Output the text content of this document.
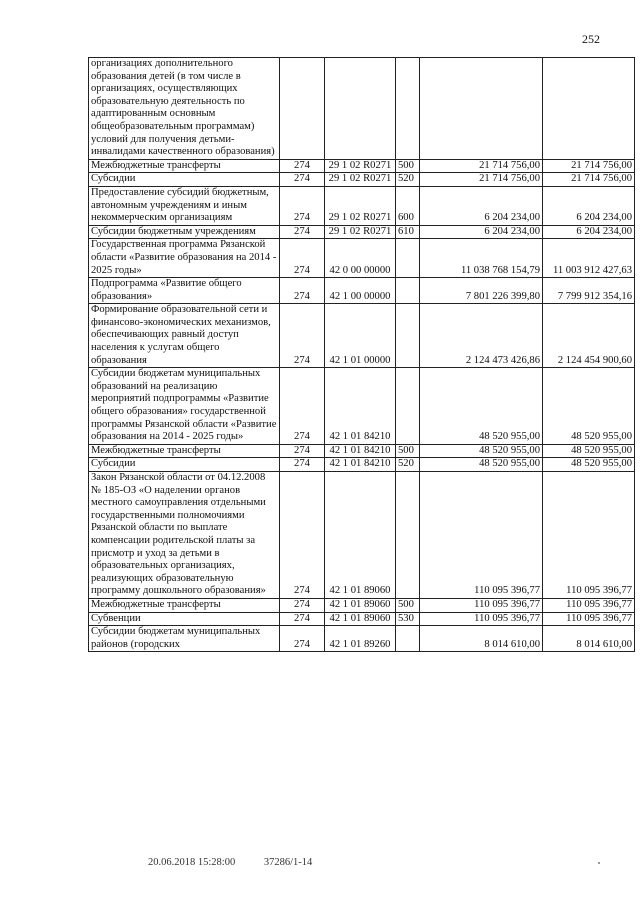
252
организациях дополнительного образования детей (в том числе в организациях, осуществляющих образовательную деятельность по адаптированным основным общеобразовательным программам) условий для получения детьми-инвалидами качественного образования)					
Межбюджетные трансферты	274	29 1 02 R0271	500	21 714 756,00	21 714 756,00
Субсидии	274	29 1 02 R0271	520	21 714 756,00	21 714 756,00
Предоставление субсидий бюджетным, автономным учреждениям и иным некоммерческим организациям	274	29 1 02 R0271	600	6 204 234,00	6 204 234,00
Субсидии бюджетным учреждениям	274	29 1 02 R0271	610	6 204 234,00	6 204 234,00
Государственная программа Рязанской области «Развитие образования на 2014 - 2025 годы»	274	42 0 00 00000		11 038 768 154,79	11 003 912 427,63
Подпрограмма «Развитие общего образования»	274	42 1 00 00000		7 801 226 399,80	7 799 912 354,16
Формирование образовательной сети и финансово-экономических механизмов, обеспечивающих равный доступ населения к услугам общего образования	274	42 1 01 00000		2 124 473 426,86	2 124 454 900,60
Субсидии бюджетам муниципальных образований на реализацию мероприятий подпрограммы «Развитие общего образования» государственной программы Рязанской области «Развитие образования на 2014 - 2025 годы»	274	42 1 01 84210		48 520 955,00	48 520 955,00
Межбюджетные трансферты	274	42 1 01 84210	500	48 520 955,00	48 520 955,00
Субсидии	274	42 1 01 84210	520	48 520 955,00	48 520 955,00
Закон Рязанской области от 04.12.2008 № 185-ОЗ «О наделении органов местного самоуправления отдельными государственными полномочиями Рязанской области по выплате компенсации родительской платы за присмотр и уход за детьми в образовательных организациях, реализующих образовательную программу дошкольного образования»	274	42 1 01 89060		110 095 396,77	110 095 396,77
Межбюджетные трансферты	274	42 1 01 89060	500	110 095 396,77	110 095 396,77
Субвенции	274	42 1 01 89060	530	110 095 396,77	110 095 396,77
Субсидии бюджетам муниципальных районов (городских	274	42 1 01 89260		8 014 610,00	8 014 610,00
20.06.2018 15:28:00	37286/1-14
